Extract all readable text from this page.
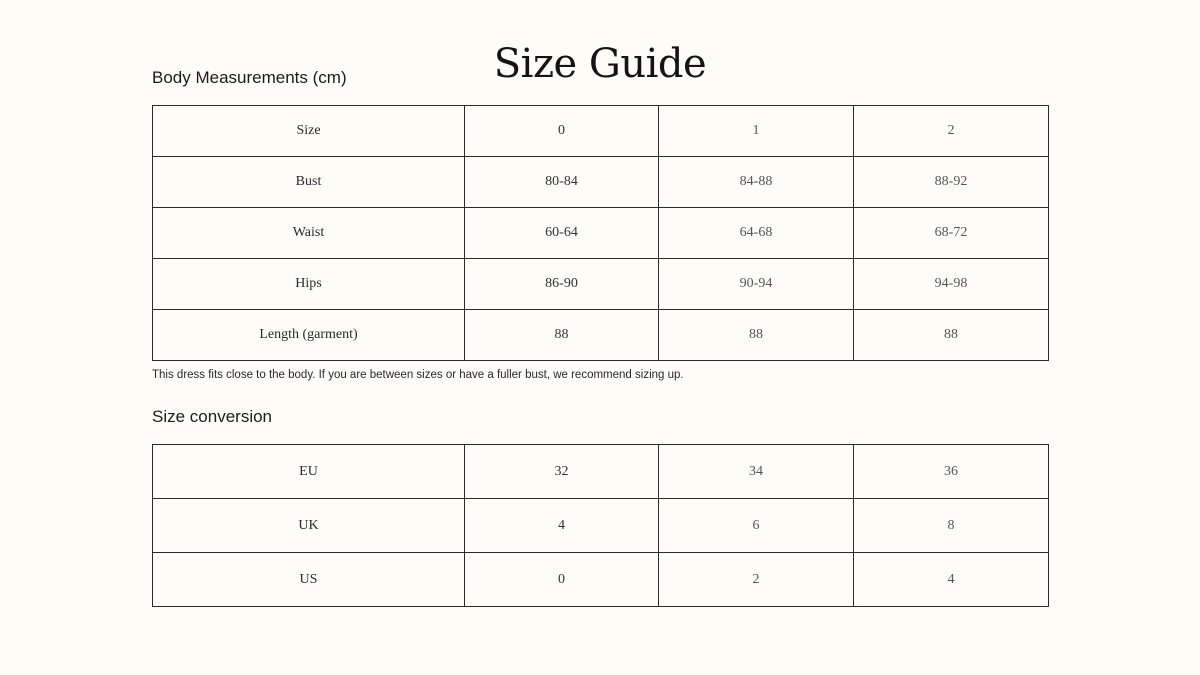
Size Guide
Body Measurements (cm)
Size	0	1	2
Bust	80-84	84-88	88-92
Waist	60-64	64-68	68-72
Hips	86-90	90-94	94-98
Length (garment)	88	88	88

This dress fits close to the body. If you are between sizes or have a fuller bust, we recommend sizing up.

Size conversion
EU	32	34	36
UK	4	6	8
US	0	2	4
